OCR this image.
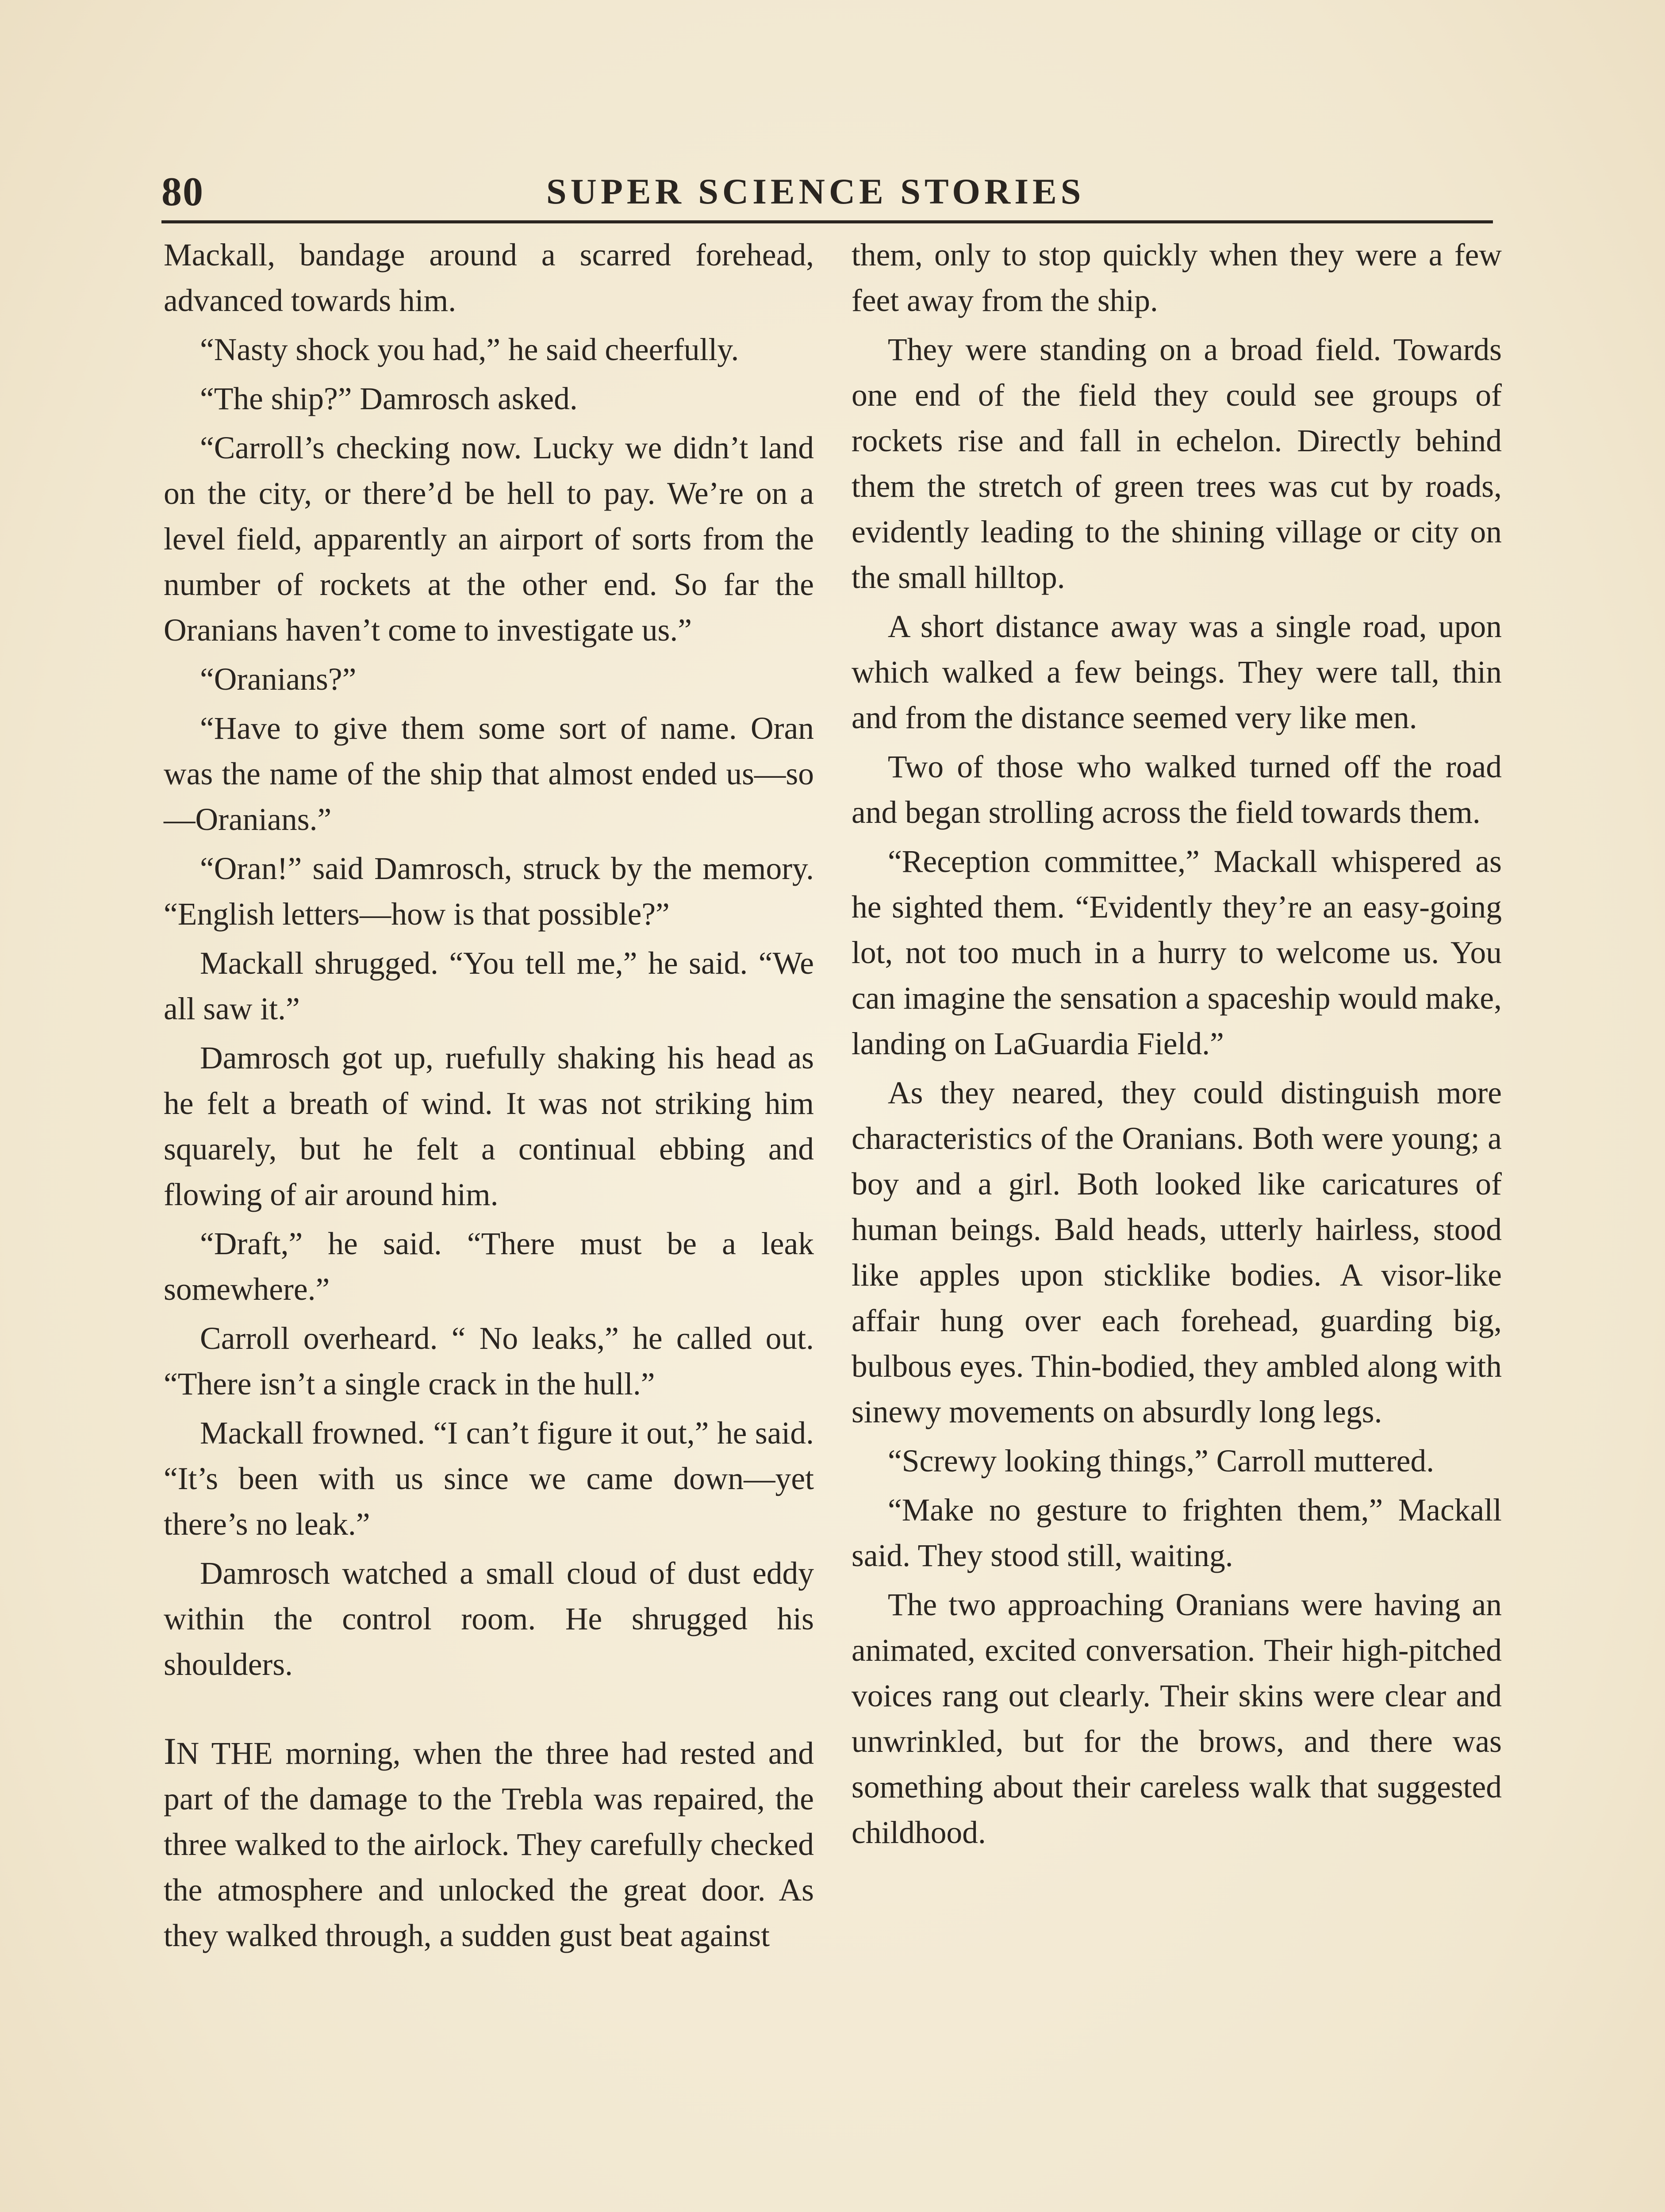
80	SUPER SCIENCE STORIES

Mackall, bandage around a scarred forehead, advanced towards him.

“Nasty shock you had,” he said cheerfully.

“The ship?” Damrosch asked.

“Carroll’s checking now. Lucky we didn’t land on the city, or there’d be hell to pay. We’re on a level field, apparently an airport of sorts from the number of rockets at the other end. So far the Oranians haven’t come to investigate us.”

“Oranians?”

“Have to give them some sort of name. Oran was the name of the ship that almost ended us—so—Oranians.”

“Oran!” said Damrosch, struck by the memory. “English letters—how is that possible?”

Mackall shrugged. “You tell me,” he said. “We all saw it.”

Damrosch got up, ruefully shaking his head as he felt a breath of wind. It was not striking him squarely, but he felt a continual ebbing and flowing of air around him.

“Draft,” he said. “There must be a leak somewhere.”

Carroll overheard. “ No leaks,” he called out. “There isn’t a single crack in the hull.”

Mackall frowned. “I can’t figure it out,” he said. “It’s been with us since we came down—yet there’s no leak.”

Damrosch watched a small cloud of dust eddy within the control room. He shrugged his shoulders.

IN THE morning, when the three had rested and part of the damage to the Trebla was repaired, the three walked to the airlock. They carefully checked the atmosphere and unlocked the great door. As they walked through, a sudden gust beat against

them, only to stop quickly when they were a few feet away from the ship.

They were standing on a broad field. Towards one end of the field they could see groups of rockets rise and fall in echelon. Directly behind them the stretch of green trees was cut by roads, evidently leading to the shining village or city on the small hilltop.

A short distance away was a single road, upon which walked a few beings. They were tall, thin and from the distance seemed very like men.

Two of those who walked turned off the road and began strolling across the field towards them.

“Reception committee,” Mackall whispered as he sighted them. “Evidently they’re an easy-going lot, not too much in a hurry to welcome us. You can imagine the sensation a spaceship would make, landing on LaGuardia Field.”

As they neared, they could distinguish more characteristics of the Oranians. Both were young; a boy and a girl. Both looked like caricatures of human beings. Bald heads, utterly hairless, stood like apples upon sticklike bodies. A visor-like affair hung over each forehead, guarding big, bulbous eyes. Thin-bodied, they ambled along with sinewy movements on absurdly long legs.

“Screwy looking things,” Carroll muttered.

“Make no gesture to frighten them,” Mackall said. They stood still, waiting.

The two approaching Oranians were having an animated, excited conversation. Their high-pitched voices rang out clearly. Their skins were clear and unwrinkled, but for the brows, and there was something about their careless walk that suggested childhood.
